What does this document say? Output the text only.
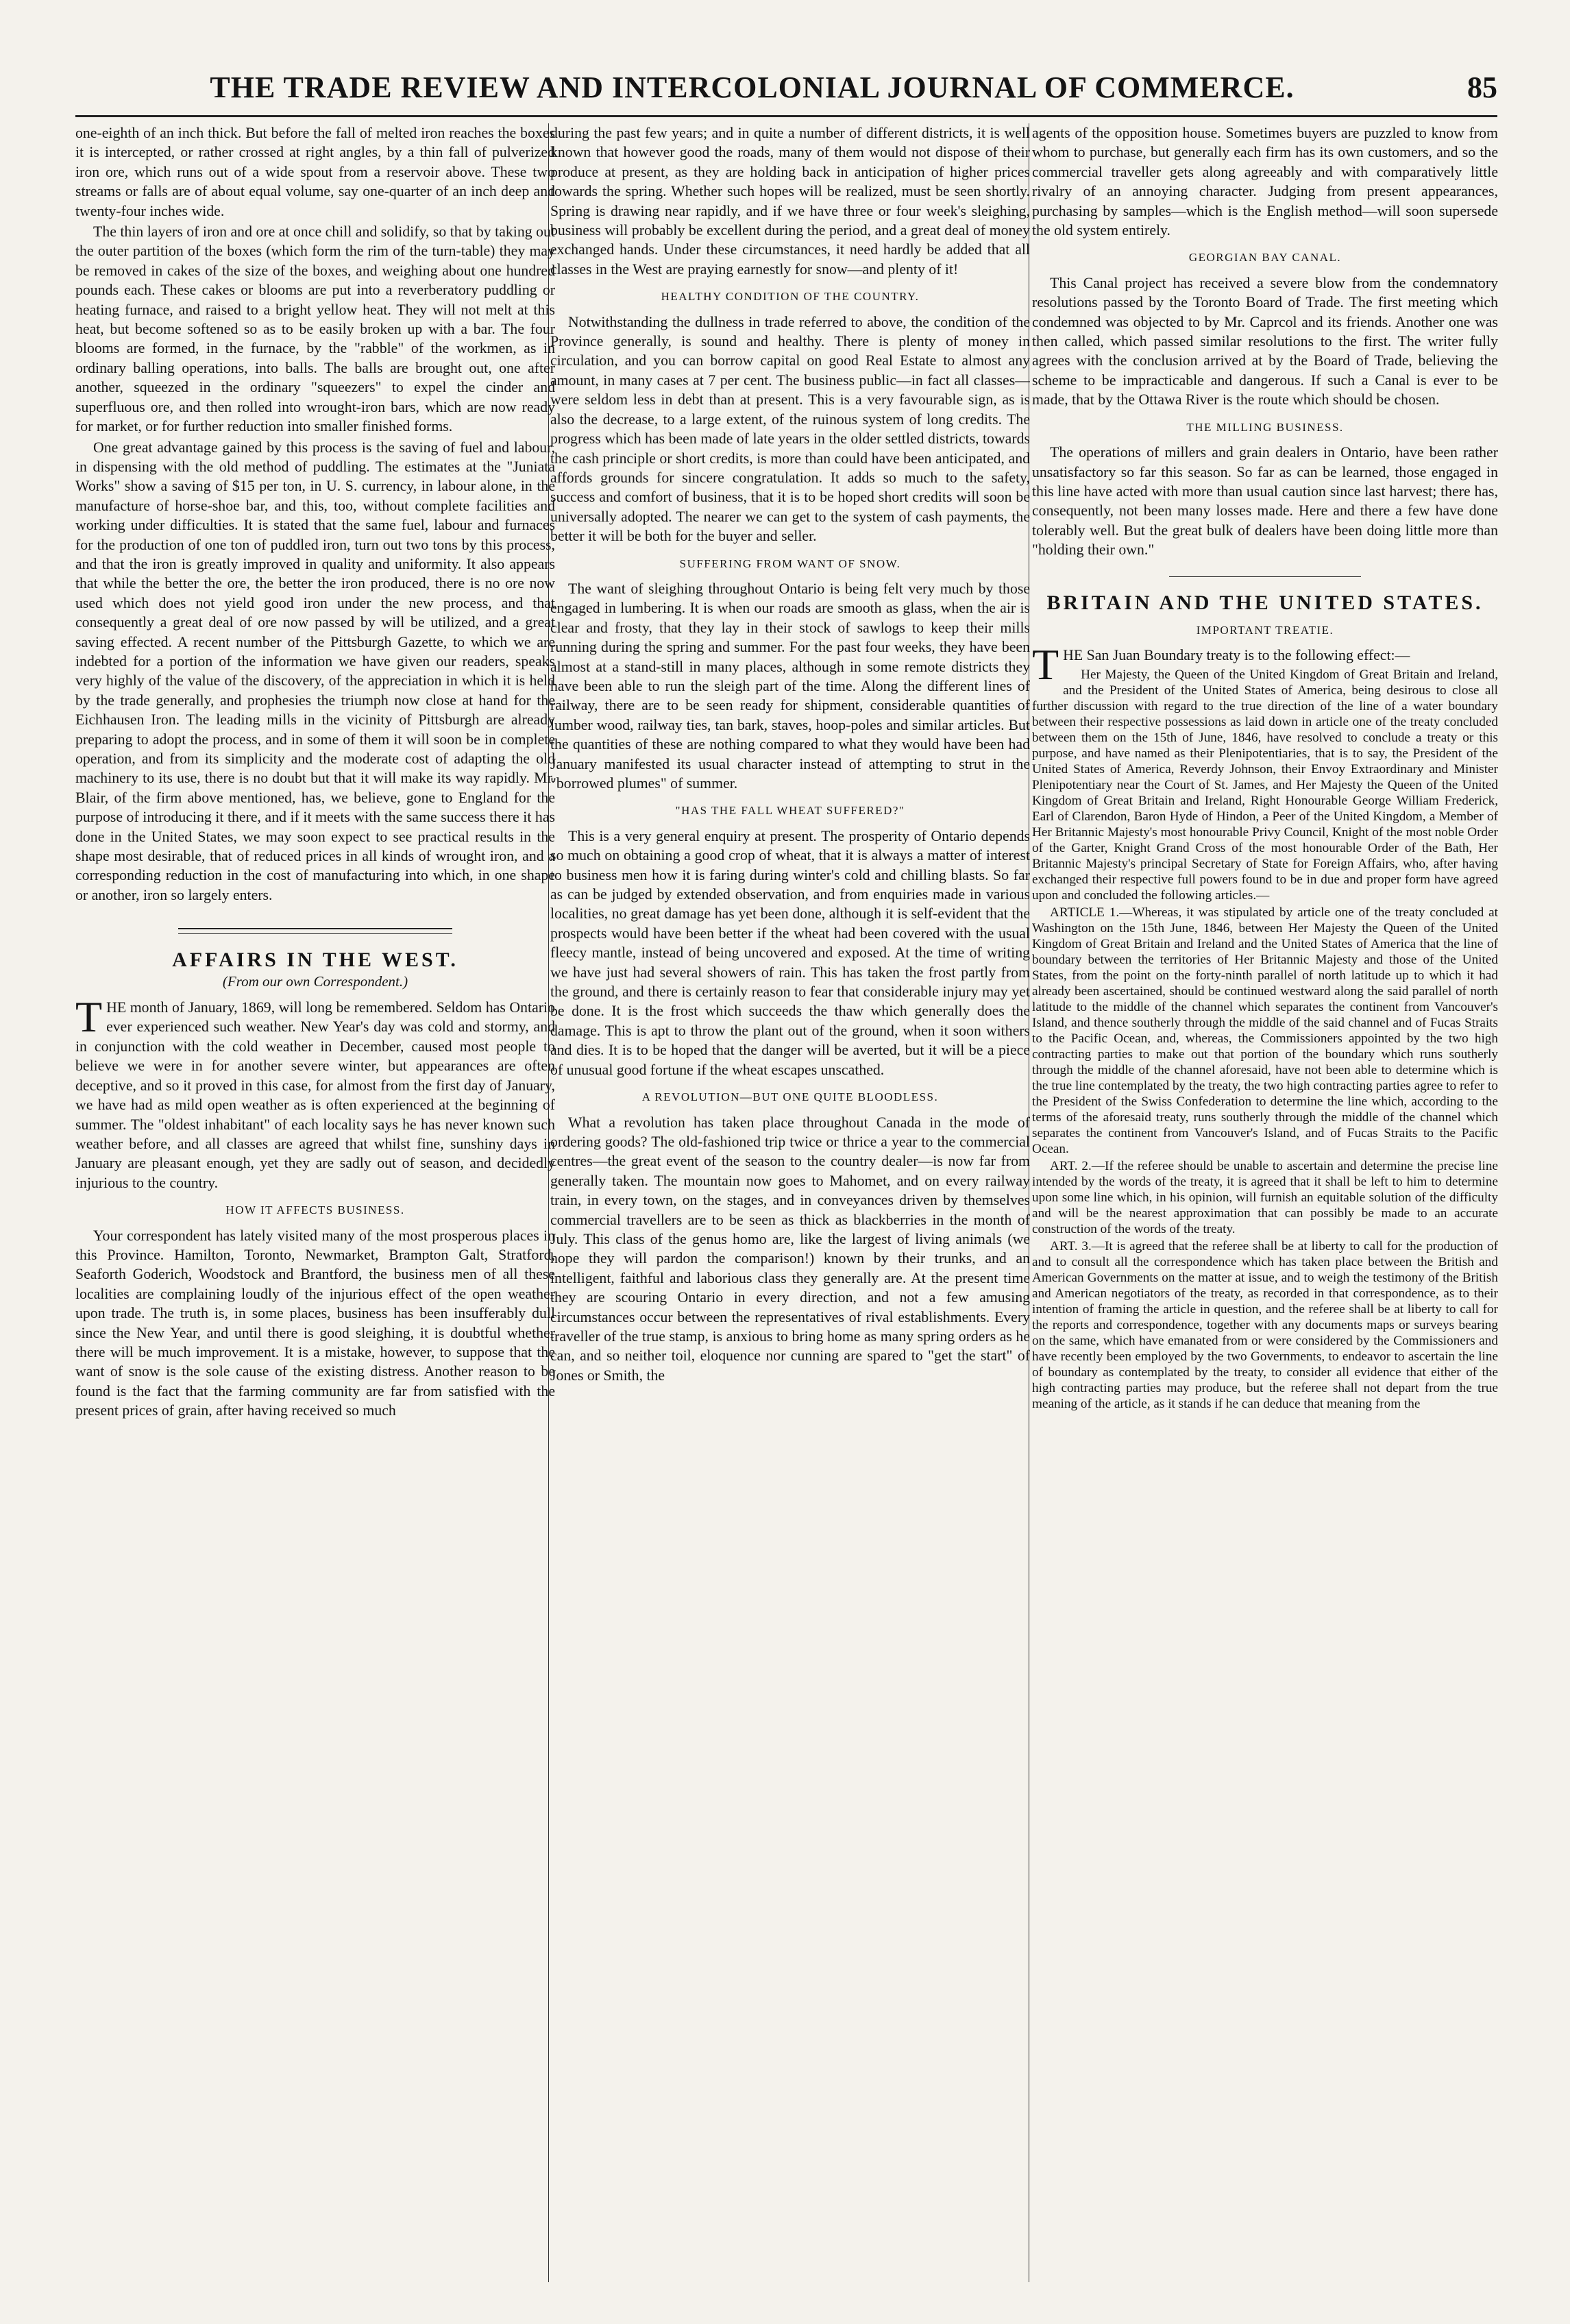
THE TRADE REVIEW AND INTERCOLONIAL JOURNAL OF COMMERCE.	85

one-eighth of an inch thick. But before the fall of melted iron reaches the boxes it is intercepted, or rather crossed at right angles, by a thin fall of pulverized iron ore, which runs out of a wide spout from a reservoir above. These two streams or falls are of about equal volume, say one-quarter of an inch deep and twenty-four inches wide.

The thin layers of iron and ore at once chill and solidify, so that by taking out the outer partition of the boxes (which form the rim of the turn-table) they may be removed in cakes of the size of the boxes, and weighing about one hundred pounds each. These cakes or blooms are put into a reverberatory puddling or heating furnace, and raised to a bright yellow heat. They will not melt at this heat, but become softened so as to be easily broken up with a bar. The four blooms are formed, in the furnace, by the "rabble" of the workmen, as in ordinary balling operations, into balls. The balls are brought out, one after another, squeezed in the ordinary "squeezers" to expel the cinder and superfluous ore, and then rolled into wrought-iron bars, which are now ready for market, or for further reduction into smaller finished forms.

One great advantage gained by this process is the saving of fuel and labour, in dispensing with the old method of puddling. The estimates at the "Juniata Works" show a saving of $15 per ton, in U. S. currency, in labour alone, in the manufacture of horse-shoe bar, and this, too, without complete facilities and working under difficulties. It is stated that the same fuel, labour and furnaces for the production of one ton of puddled iron, turn out two tons by this process, and that the iron is greatly improved in quality and uniformity. It also appears that while the better the ore, the better the iron produced, there is no ore now used which does not yield good iron under the new process, and that consequently a great deal of ore now passed by will be utilized, and a great saving effected. A recent number of the Pittsburgh Gazette, to which we are indebted for a portion of the information we have given our readers, speaks very highly of the value of the discovery, of the appreciation in which it is held by the trade generally, and prophesies the triumph now close at hand for the Eichhausen Iron. The leading mills in the vicinity of Pittsburgh are already preparing to adopt the process, and in some of them it will soon be in complete operation, and from its simplicity and the moderate cost of adapting the old machinery to its use, there is no doubt but that it will make its way rapidly. Mr. Blair, of the firm above mentioned, has, we believe, gone to England for the purpose of introducing it there, and if it meets with the same success there it has done in the United States, we may soon expect to see practical results in the shape most desirable, that of reduced prices in all kinds of wrought iron, and a corresponding reduction in the cost of manufacturing into which, in one shape or another, iron so largely enters.

AFFAIRS IN THE WEST.
(From our own Correspondent.)

THE month of January, 1869, will long be remembered. Seldom has Ontario ever experienced such weather. New Year's day was cold and stormy, and in conjunction with the cold weather in December, caused most people to believe we were in for another severe winter, but appearances are often deceptive, and so it proved in this case, for almost from the first day of January, we have had as mild open weather as is often experienced at the beginning of summer. The "oldest inhabitant" of each locality says he has never known such weather before, and all classes are agreed that whilst fine, sunshiny days in January are pleasant enough, yet they are sadly out of season, and decidedly injurious to the country.

HOW IT AFFECTS BUSINESS.

Your correspondent has lately visited many of the most prosperous places in this Province. Hamilton, Toronto, Newmarket, Brampton Galt, Stratford, Seaforth Goderich, Woodstock and Brantford, the business men of all these localities are complaining loudly of the injurious effect of the open weather upon trade. The truth is, in some places, business has been insufferably dull since the New Year, and until there is good sleighing, it is doubtful whether there will be much improvement. It is a mistake, however, to suppose that the want of snow is the sole cause of the existing distress. Another reason to be found is the fact that the farming community are far from satisfied with the present prices of grain, after having received so much

during the past few years; and in quite a number of different districts, it is well known that however good the roads, many of them would not dispose of their produce at present, as they are holding back in anticipation of higher prices towards the spring. Whether such hopes will be realized, must be seen shortly. Spring is drawing near rapidly, and if we have three or four week's sleighing, business will probably be excellent during the period, and a great deal of money exchanged hands. Under these circumstances, it need hardly be added that all classes in the West are praying earnestly for snow—and plenty of it!

HEALTHY CONDITION OF THE COUNTRY.

Notwithstanding the dullness in trade referred to above, the condition of the Province generally, is sound and healthy. There is plenty of money in circulation, and you can borrow capital on good Real Estate to almost any amount, in many cases at 7 per cent. The business public—in fact all classes—were seldom less in debt than at present. This is a very favourable sign, as is also the decrease, to a large extent, of the ruinous system of long credits. The progress which has been made of late years in the older settled districts, towards the cash principle or short credits, is more than could have been anticipated, and affords grounds for sincere congratulation. It adds so much to the safety, success and comfort of business, that it is to be hoped short credits will soon be universally adopted. The nearer we can get to the system of cash payments, the better it will be both for the buyer and seller.

SUFFERING FROM WANT OF SNOW.

The want of sleighing throughout Ontario is being felt very much by those engaged in lumbering. It is when our roads are smooth as glass, when the air is clear and frosty, that they lay in their stock of sawlogs to keep their mills running during the spring and summer. For the past four weeks, they have been almost at a stand-still in many places, although in some remote districts they have been able to run the sleigh part of the time. Along the different lines of railway, there are to be seen ready for shipment, considerable quantities of lumber wood, railway ties, tan bark, staves, hoop-poles and similar articles. But the quantities of these are nothing compared to what they would have been had January manifested its usual character instead of attempting to strut in the "borrowed plumes" of summer.

"HAS THE FALL WHEAT SUFFERED?"

This is a very general enquiry at present. The prosperity of Ontario depends so much on obtaining a good crop of wheat, that it is always a matter of interest to business men how it is faring during winter's cold and chilling blasts. So far as can be judged by extended observation, and from enquiries made in various localities, no great damage has yet been done, although it is self-evident that the prospects would have been better if the wheat had been covered with the usual fleecy mantle, instead of being uncovered and exposed. At the time of writing we have just had several showers of rain. This has taken the frost partly from the ground, and there is certainly reason to fear that considerable injury may yet be done. It is the frost which succeeds the thaw which generally does the damage. This is apt to throw the plant out of the ground, when it soon withers and dies. It is to be hoped that the danger will be averted, but it will be a piece of unusual good fortune if the wheat escapes unscathed.

A REVOLUTION—BUT ONE QUITE BLOODLESS.

What a revolution has taken place throughout Canada in the mode of ordering goods? The old-fashioned trip twice or thrice a year to the commercial centres—the great event of the season to the country dealer—is now far from generally taken. The mountain now goes to Mahomet, and on every railway train, in every town, on the stages, and in conveyances driven by themselves commercial travellers are to be seen as thick as blackberries in the month of July. This class of the genus homo are, like the largest of living animals (we hope they will pardon the comparison!) known by their trunks, and an intelligent, faithful and laborious class they generally are. At the present time they are scouring Ontario in every direction, and not a few amusing circumstances occur between the representatives of rival establishments. Every traveller of the true stamp, is anxious to bring home as many spring orders as he can, and so neither toil, eloquence nor cunning are spared to "get the start" of Jones or Smith, the

agents of the opposition house. Sometimes buyers are puzzled to know from whom to purchase, but generally each firm has its own customers, and so the commercial traveller gets along agreeably and with comparatively little rivalry of an annoying character. Judging from present appearances, purchasing by samples—which is the English method—will soon supersede the old system entirely.

GEORGIAN BAY CANAL.

This Canal project has received a severe blow from the condemnatory resolutions passed by the Toronto Board of Trade. The first meeting which condemned was objected to by Mr. Caprcol and its friends. Another one was then called, which passed similar resolutions to the first. The writer fully agrees with the conclusion arrived at by the Board of Trade, believing the scheme to be impracticable and dangerous. If such a Canal is ever to be made, that by the Ottawa River is the route which should be chosen.

THE MILLING BUSINESS.

The operations of millers and grain dealers in Ontario, have been rather unsatisfactory so far this season. So far as can be learned, those engaged in this line have acted with more than usual caution since last harvest; there has, consequently, not been many losses made. Here and there a few have done tolerably well. But the great bulk of dealers have been doing little more than "holding their own."

BRITAIN AND THE UNITED STATES.
IMPORTANT TREATIE.

THE San Juan Boundary treaty is to the following effect:—

Her Majesty, the Queen of the United Kingdom of Great Britain and Ireland, and the President of the United States of America, being desirous to close all further discussion with regard to the true direction of the line of a water boundary between their respective possessions as laid down in article one of the treaty concluded between them on the 15th of June, 1846, have resolved to conclude a treaty or this purpose, and have named as their Plenipotentiaries, that is to say, the President of the United States of America, Reverdy Johnson, their Envoy Extraordinary and Minister Plenipotentiary near the Court of St. James, and Her Majesty the Queen of the United Kingdom of Great Britain and Ireland, Right Honourable George William Frederick, Earl of Clarendon, Baron Hyde of Hindon, a Peer of the United Kingdom, a Member of Her Britannic Majesty's most honourable Privy Council, Knight of the most noble Order of the Garter, Knight Grand Cross of the most honourable Order of the Bath, Her Britannic Majesty's principal Secretary of State for Foreign Affairs, who, after having exchanged their respective full powers found to be in due and proper form have agreed upon and concluded the following articles.—

ARTICLE 1.—Whereas, it was stipulated by article one of the treaty concluded at Washington on the 15th June, 1846, between Her Majesty the Queen of the United Kingdom of Great Britain and Ireland and the United States of America that the line of boundary between the territories of Her Britannic Majesty and those of the United States, from the point on the forty-ninth parallel of north latitude up to which it had already been ascertained, should be continued westward along the said parallel of north latitude to the middle of the channel which separates the continent from Vancouver's Island, and thence southerly through the middle of the said channel and of Fucas Straits to the Pacific Ocean, and, whereas, the Commissioners appointed by the two high contracting parties to make out that portion of the boundary which runs southerly through the middle of the channel aforesaid, have not been able to determine which is the true line contemplated by the treaty, the two high contracting parties agree to refer to the President of the Swiss Confederation to determine the line which, according to the terms of the aforesaid treaty, runs southerly through the middle of the channel which separates the continent from Vancouver's Island, and of Fucas Straits to the Pacific Ocean.

ART. 2.—If the referee should be unable to ascertain and determine the precise line intended by the words of the treaty, it is agreed that it shall be left to him to determine upon some line which, in his opinion, will furnish an equitable solution of the difficulty and will be the nearest approximation that can possibly be made to an accurate construction of the words of the treaty.

ART. 3.—It is agreed that the referee shall be at liberty to call for the production of and to consult all the correspondence which has taken place between the British and American Governments on the matter at issue, and to weigh the testimony of the British and American negotiators of the treaty, as recorded in that correspondence, as to their intention of framing the article in question, and the referee shall be at liberty to call for the reports and correspondence, together with any documents maps or surveys bearing on the same, which have emanated from or were considered by the Commissioners and have recently been employed by the two Governments, to endeavor to ascertain the line of boundary as contemplated by the treaty, to consider all evidence that either of the high contracting parties may produce, but the referee shall not depart from the true meaning of the article, as it stands if he can deduce that meaning from the
